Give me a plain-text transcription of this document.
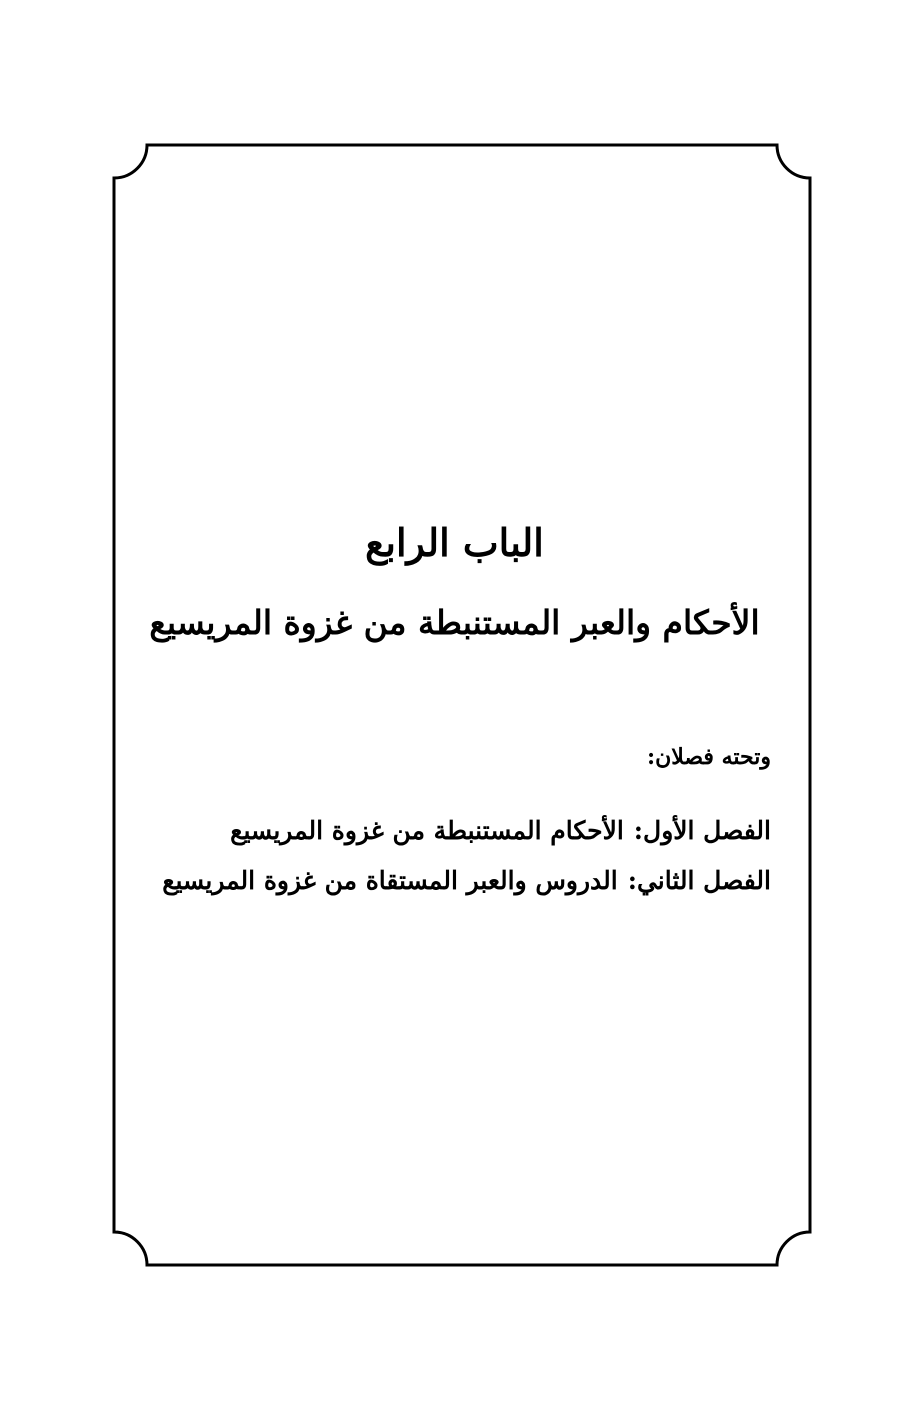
الباب الرابع
الأحكام والعبر المستنبطة من غزوة المريسيع
وتحته فصلان:
الفصل الأول:الأحكام المستنبطة من غزوة المريسيع
الفصل الثاني:الدروس والعبر المستقاة من غزوة المريسيع
